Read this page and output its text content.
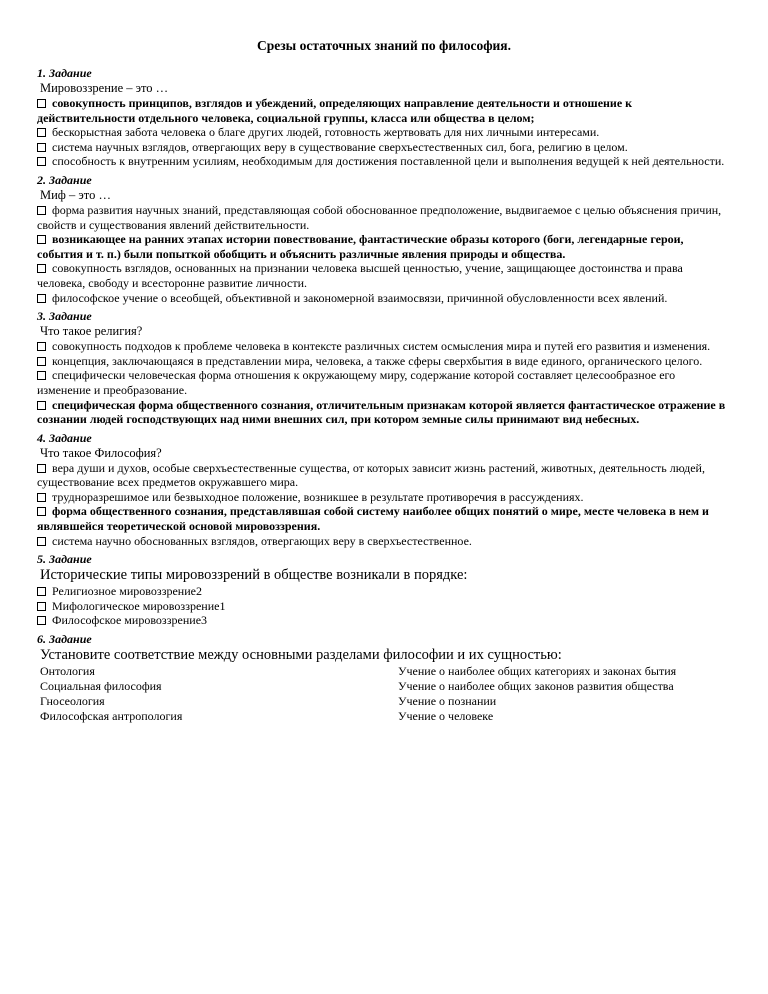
Срезы остаточных знаний по философия.
1. Задание
Мировоззрение – это …
совокупность принципов, взглядов и убеждений, определяющих направление деятельности и отношение к действительности отдельного человека, социальной группы, класса или общества в целом;
бескорыстная забота человека о благе других людей, готовность жертвовать для них личными интересами.
система научных взглядов, отвергающих веру в существование сверхъестественных сил, бога, религию в целом.
способность к внутренним усилиям, необходимым для достижения поставленной цели и выполнения ведущей к ней деятельности.
2. Задание
Миф – это …
форма развития научных знаний, представляющая собой обоснованное предположение, выдвигаемое с целью объяснения причин, свойств и существования явлений действительности.
возникающее на ранних этапах истории повествование, фантастические образы которого (боги, легендарные герои, события и т. п.) были попыткой обобщить и объяснить различные явления природы и общества.
совокупность взглядов, основанных на признании человека высшей ценностью, учение, защищающее достоинства и права человека, свободу и всесторонне развитие личности.
философское учение о всеобщей, объективной и закономерной взаимосвязи, причинной обусловленности всех явлений.
3. Задание
Что такое религия?
совокупность подходов к проблеме человека в контексте различных систем осмысления мира и путей его развития и изменения.
концепция, заключающаяся в представлении мира, человека, а также сферы сверхбытия в виде единого, органического целого.
специфически человеческая форма отношения к окружающему миру, содержание которой составляет целесообразное его изменение и преобразование.
специфическая форма общественного сознания, отличительным признакам которой является фантастическое отражение в сознании людей господствующих над ними внешних сил, при котором земные силы принимают вид небесных.
4. Задание
Что такое Философия?
вера души и духов, особые сверхъестественные существа, от которых зависит жизнь растений, животных, деятельность людей, существование всех предметов окружавшего мира.
трудноразрешимое или безвыходное положение, возникшее в результате противоречия в рассуждениях.
форма общественного сознания, представлявшая собой систему наиболее общих понятий о мире, месте человека в нем и являвшейся теоретической основой мировоззрения.
система научно обоснованных взглядов, отвергающих веру в сверхъестественное.
5. Задание
Исторические типы мировоззрений в обществе возникали в порядке:
Религиозное мировоззрение2
Мифологическое мировоззрение1
Философское мировоззрение3
6. Задание
Установите соответствие между основными разделами философии и их сущностью:
Онтология	Учение о наиболее общих категориях и законах бытия
Социальная философия	Учение о наиболее общих законов развития общества
Гносеология	Учение о познании
Философская антропология	Учение о человеке
